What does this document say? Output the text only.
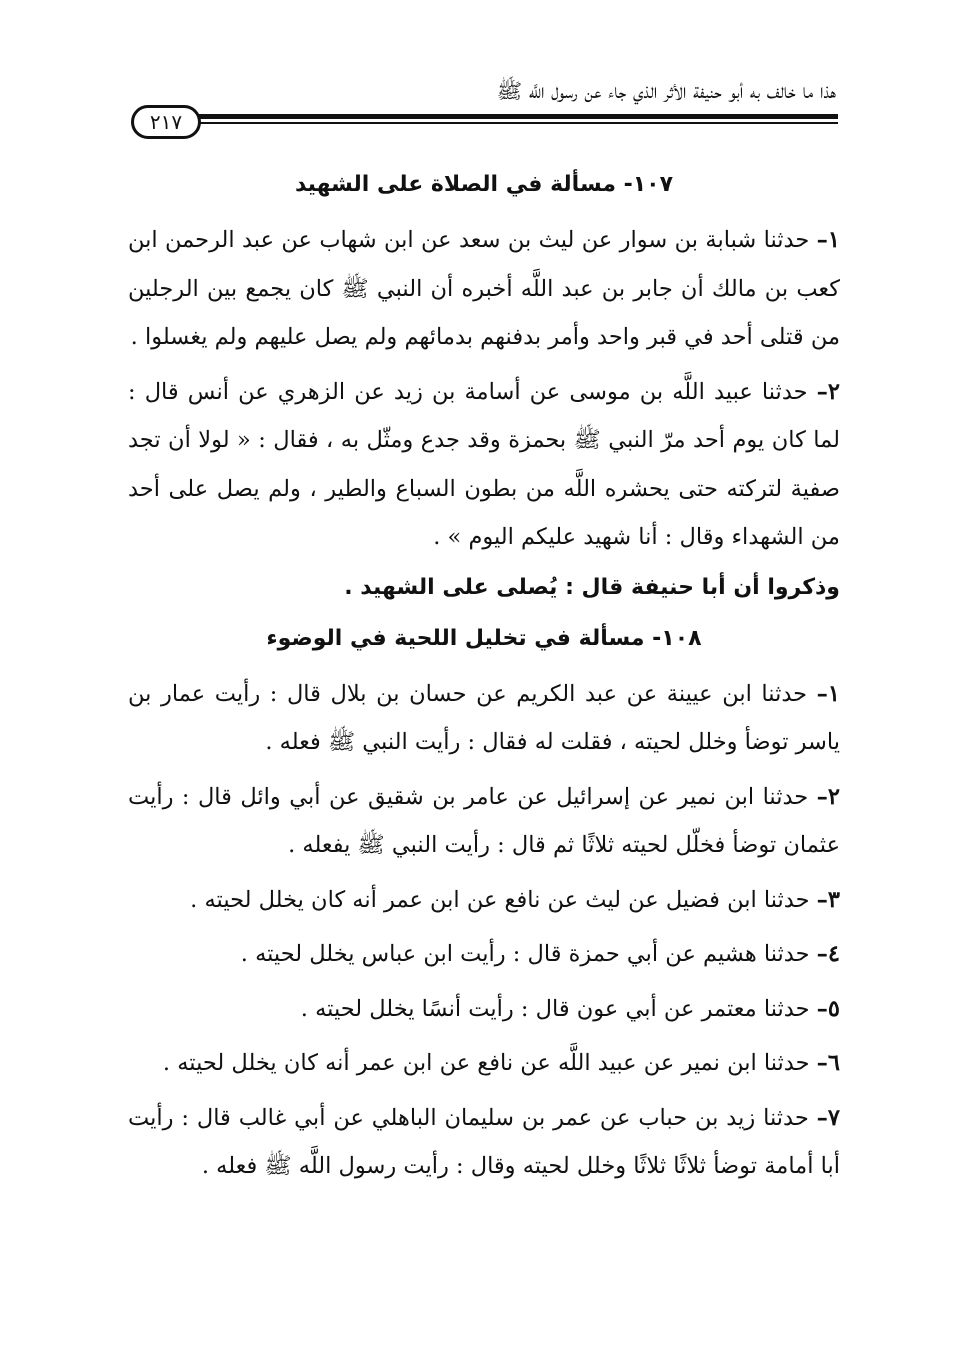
هذا ما خالف به أبو حنيفة الأثر الذي جاء عن رسول اللَّه ﷺ
٢١٧
١٠٧- مسألة في الصلاة على الشهيد

١– حدثنا شبابة بن سوار عن ليث بن سعد عن ابن شهاب عن عبد الرحمن ابن كعب بن مالك أن جابر بن عبد اللَّه أخبره أن النبي ﷺ كان يجمع بين الرجلين من قتلى أحد في قبر واحد وأمر بدفنهم بدمائهم ولم يصل عليهم ولم يغسلوا .

٢– حدثنا عبيد اللَّه بن موسى عن أسامة بن زيد عن الزهري عن أنس قال : لما كان يوم أحد مرّ النبي ﷺ بحمزة وقد جدع ومثّل به ، فقال : « لولا أن تجد صفية لتركته حتى يحشره اللَّه من بطون السباع والطير ، ولم يصل على أحد من الشهداء وقال : أنا شهيد عليكم اليوم » .

وذكروا أن أبا حنيفة قال : يُصلى على الشهيد .

١٠٨- مسألة في تخليل اللحية في الوضوء

١– حدثنا ابن عيينة عن عبد الكريم عن حسان بن بلال قال : رأيت عمار بن ياسر توضأ وخلل لحيته ، فقلت له فقال : رأيت النبي ﷺ فعله .

٢– حدثنا ابن نمير عن إسرائيل عن عامر بن شقيق عن أبي وائل قال : رأيت عثمان توضأ فخلّل لحيته ثلاثًا ثم قال : رأيت النبي ﷺ يفعله .

٣– حدثنا ابن فضيل عن ليث عن نافع عن ابن عمر أنه كان يخلل لحيته .

٤– حدثنا هشيم عن أبي حمزة قال : رأيت ابن عباس يخلل لحيته .

٥– حدثنا معتمر عن أبي عون قال : رأيت أنسًا يخلل لحيته .

٦– حدثنا ابن نمير عن عبيد اللَّه عن نافع عن ابن عمر أنه كان يخلل لحيته .

٧– حدثنا زيد بن حباب عن عمر بن سليمان الباهلي عن أبي غالب قال : رأيت أبا أمامة توضأ ثلاثًا ثلاثًا وخلل لحيته وقال : رأيت رسول اللَّه ﷺ فعله .
